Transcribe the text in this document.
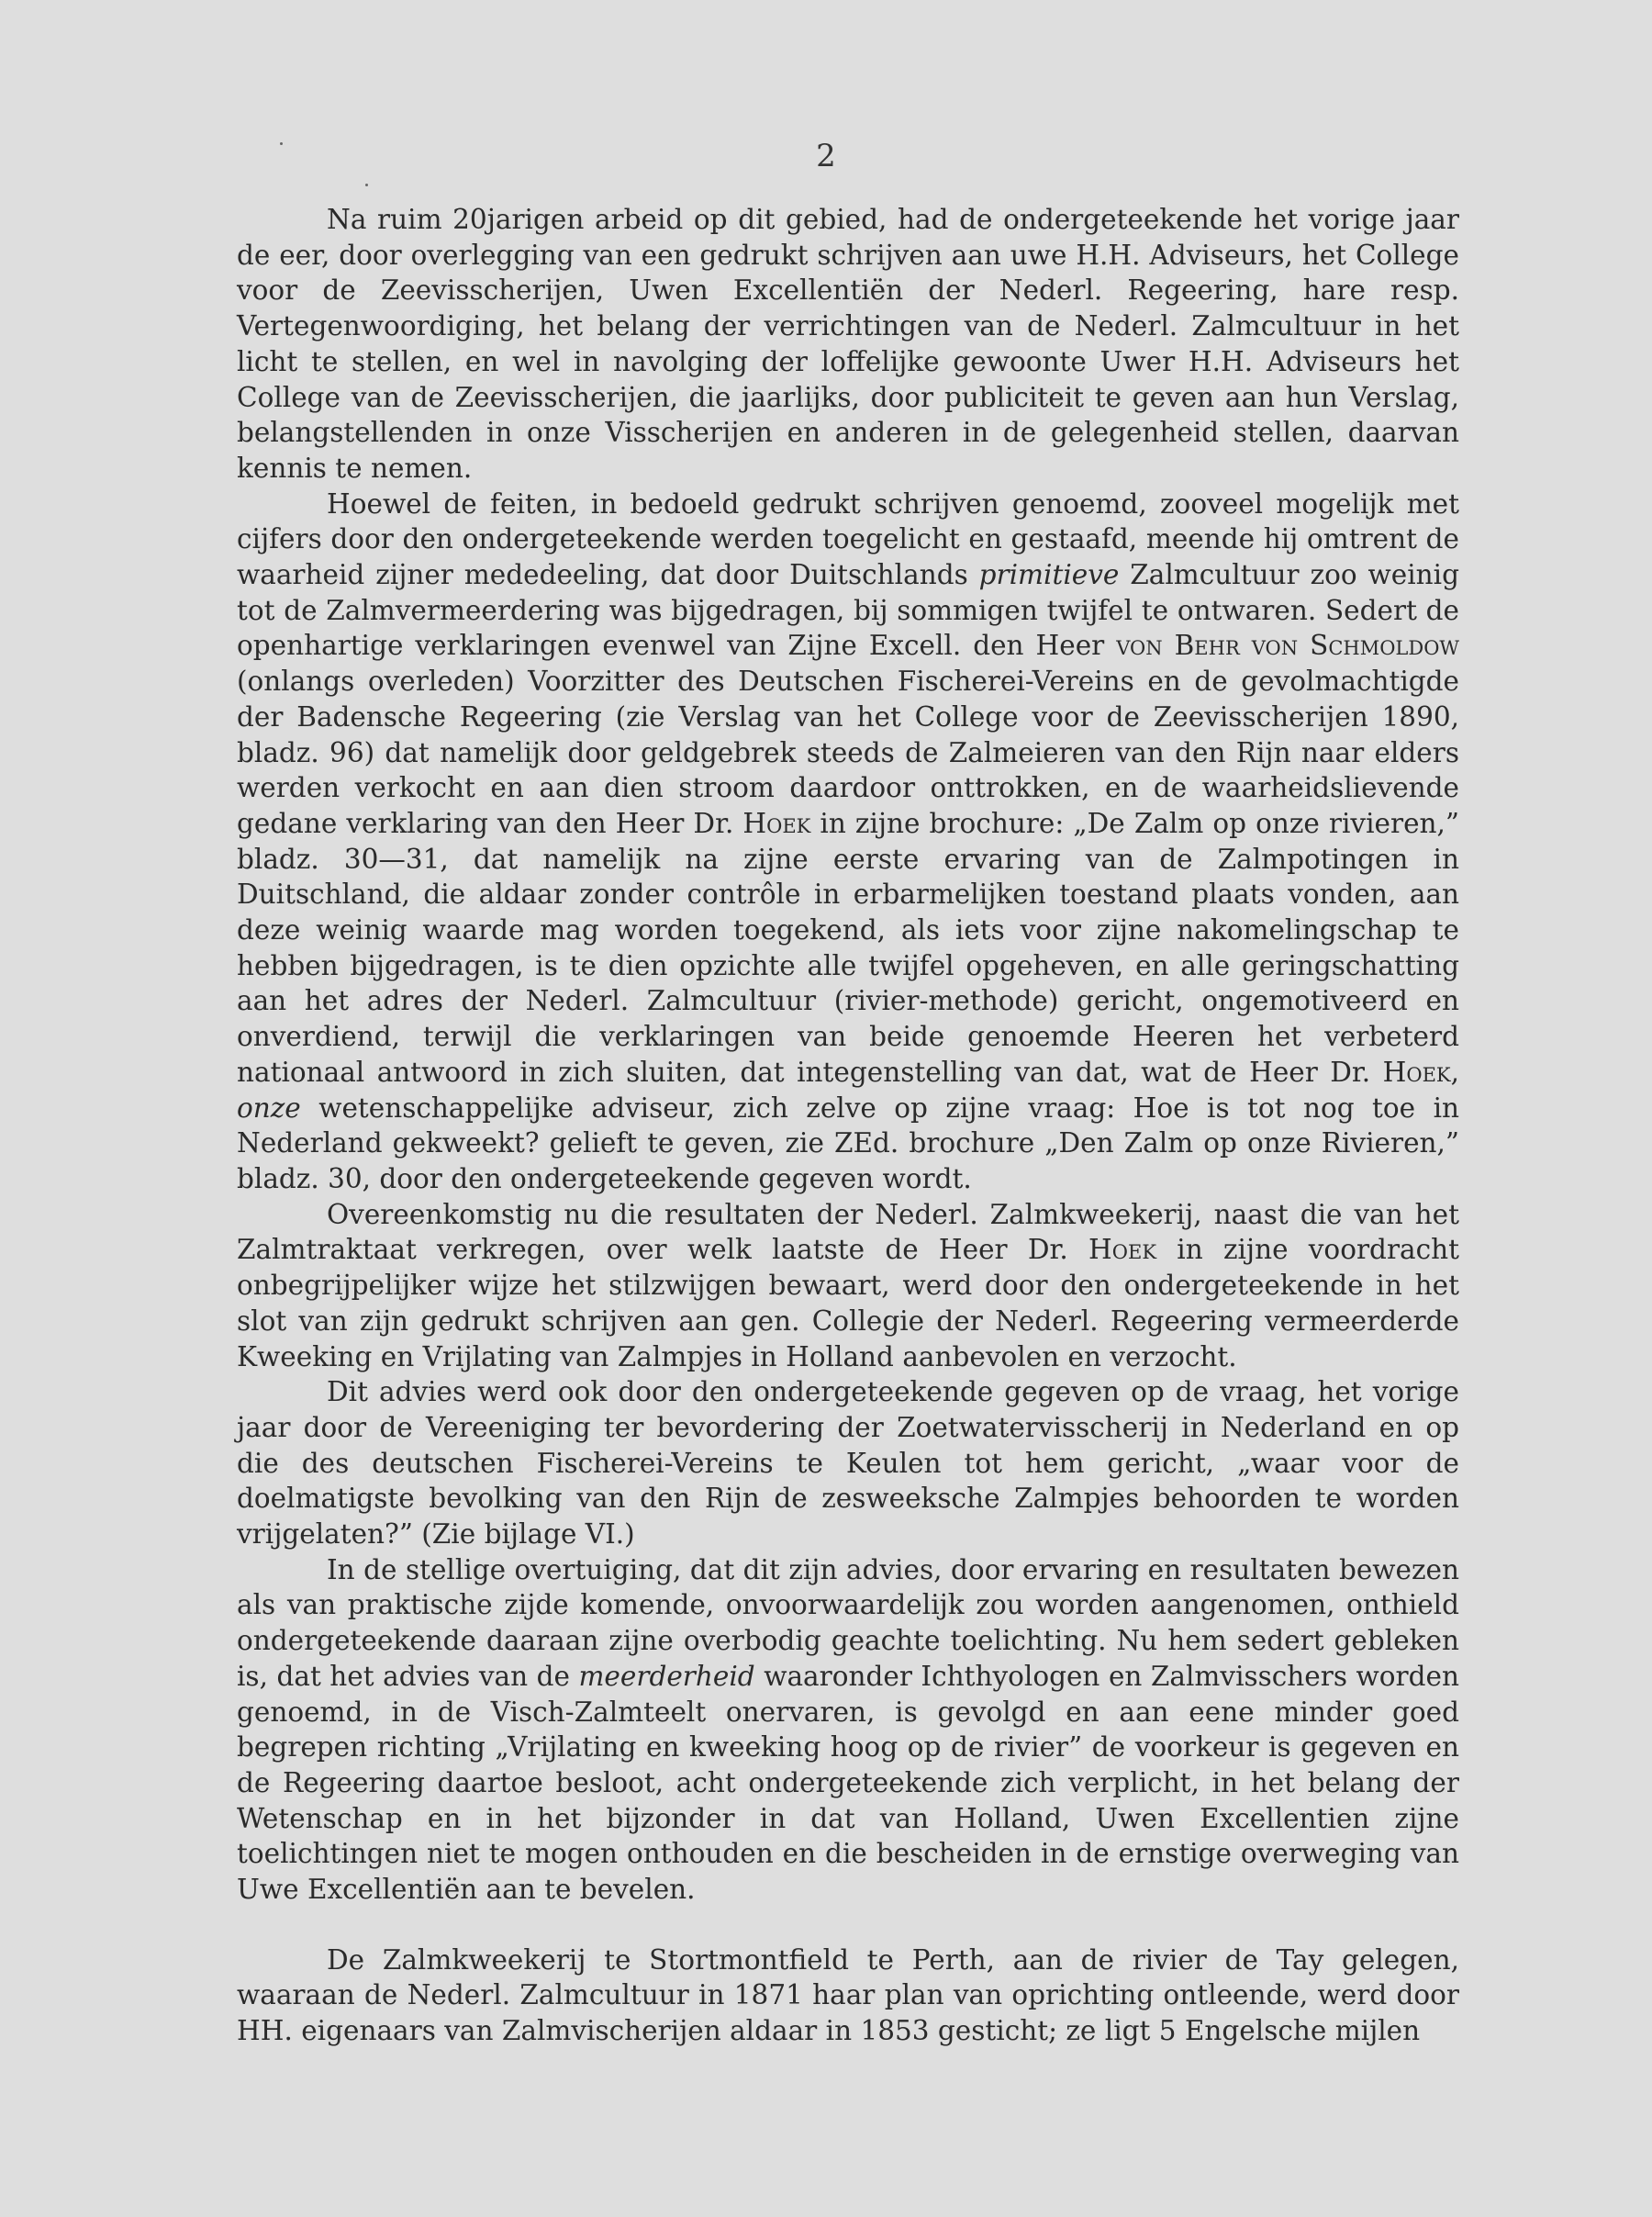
2

Na ruim 20jarigen arbeid op dit gebied, had de ondergeteekende het vorige jaar de eer, door overlegging van een gedrukt schrijven aan uwe H.H. Adviseurs, het College voor de Zeevisscherijen, Uwen Excellentiën der Nederl. Regeering, hare resp. Vertegenwoordiging, het belang der verrichtingen van de Nederl. Zalmcultuur in het licht te stellen, en wel in navolging der loffelijke gewoonte Uwer H.H. Adviseurs het College van de Zeevisscherijen, die jaarlijks, door publiciteit te geven aan hun Verslag, belangstellenden in onze Visscherijen en anderen in de gelegenheid stellen, daarvan kennis te nemen.

Hoewel de feiten, in bedoeld gedrukt schrijven genoemd, zooveel mogelijk met cijfers door den ondergeteekende werden toegelicht en gestaafd, meende hij omtrent de waarheid zijner mededeeling, dat door Duitschlands primitieve Zalmcultuur zoo weinig tot de Zalmvermeerdering was bijgedragen, bij sommigen twijfel te ontwaren. Sedert de openhartige verklaringen evenwel van Zijne Excell. den Heer von Behr von Schmoldow (onlangs overleden) Voorzitter des Deutschen Fischerei-Vereins en de gevolmachtigde der Badensche Regeering (zie Verslag van het College voor de Zeevisscherijen 1890, bladz. 96) dat namelijk door geldgebrek steeds de Zalmeieren van den Rijn naar elders werden verkocht en aan dien stroom daardoor onttrokken, en de waarheidslievende gedane verklaring van den Heer Dr. Hoek in zijne brochure: „De Zalm op onze rivieren,” bladz. 30—31, dat namelijk na zijne eerste ervaring van de Zalmpotingen in Duitschland, die aldaar zonder contrôle in erbarmelijken toestand plaats vonden, aan deze weinig waarde mag worden toegekend, als iets voor zijne nakomelingschap te hebben bijgedragen, is te dien opzichte alle twijfel opgeheven, en alle geringschatting aan het adres der Nederl. Zalmcultuur (rivier-methode) gericht, ongemotiveerd en onverdiend, terwijl die verklaringen van beide genoemde Heeren het verbeterd nationaal antwoord in zich sluiten, dat integenstelling van dat, wat de Heer Dr. Hoek, onze wetenschappelijke adviseur, zich zelve op zijne vraag: Hoe is tot nog toe in Nederland gekweekt? gelieft te geven, zie ZEd. brochure „Den Zalm op onze Rivieren,” bladz. 30, door den ondergeteekende gegeven wordt.

Overeenkomstig nu die resultaten der Nederl. Zalmkweekerij, naast die van het Zalmtraktaat verkregen, over welk laatste de Heer Dr. Hoek in zijne voordracht onbegrijpelijker wijze het stilzwijgen bewaart, werd door den ondergeteekende in het slot van zijn gedrukt schrijven aan gen. Collegie der Nederl. Regeering vermeerderde Kweeking en Vrijlating van Zalmpjes in Holland aanbevolen en verzocht.

Dit advies werd ook door den ondergeteekende gegeven op de vraag, het vorige jaar door de Vereeniging ter bevordering der Zoetwatervisscherij in Nederland en op die des deutschen Fischerei-Vereins te Keulen tot hem gericht, „waar voor de doelmatigste bevolking van den Rijn de zesweeksche Zalmpjes behoorden te worden vrijgelaten?” (Zie bijlage VI.)

In de stellige overtuiging, dat dit zijn advies, door ervaring en resultaten bewezen als van praktische zijde komende, onvoorwaardelijk zou worden aangenomen, onthield ondergeteekende daaraan zijne overbodig geachte toelichting. Nu hem sedert gebleken is, dat het advies van de meerderheid waaronder Ichthyologen en Zalmvisschers worden genoemd, in de Visch-Zalmteelt onervaren, is gevolgd en aan eene minder goed begrepen richting „Vrijlating en kweeking hoog op de rivier” de voorkeur is gegeven en de Regeering daartoe besloot, acht ondergeteekende zich verplicht, in het belang der Wetenschap en in het bijzonder in dat van Holland, Uwen Excellentien zijne toelichtingen niet te mogen onthouden en die bescheiden in de ernstige overweging van Uwe Excellentiën aan te bevelen.

De Zalmkweekerij te Stortmontfield te Perth, aan de rivier de Tay gelegen, waaraan de Nederl. Zalmcultuur in 1871 haar plan van oprichting ontleende, werd door HH. eigenaars van Zalmvischerijen aldaar in 1853 gesticht; ze ligt 5 Engelsche mijlen
